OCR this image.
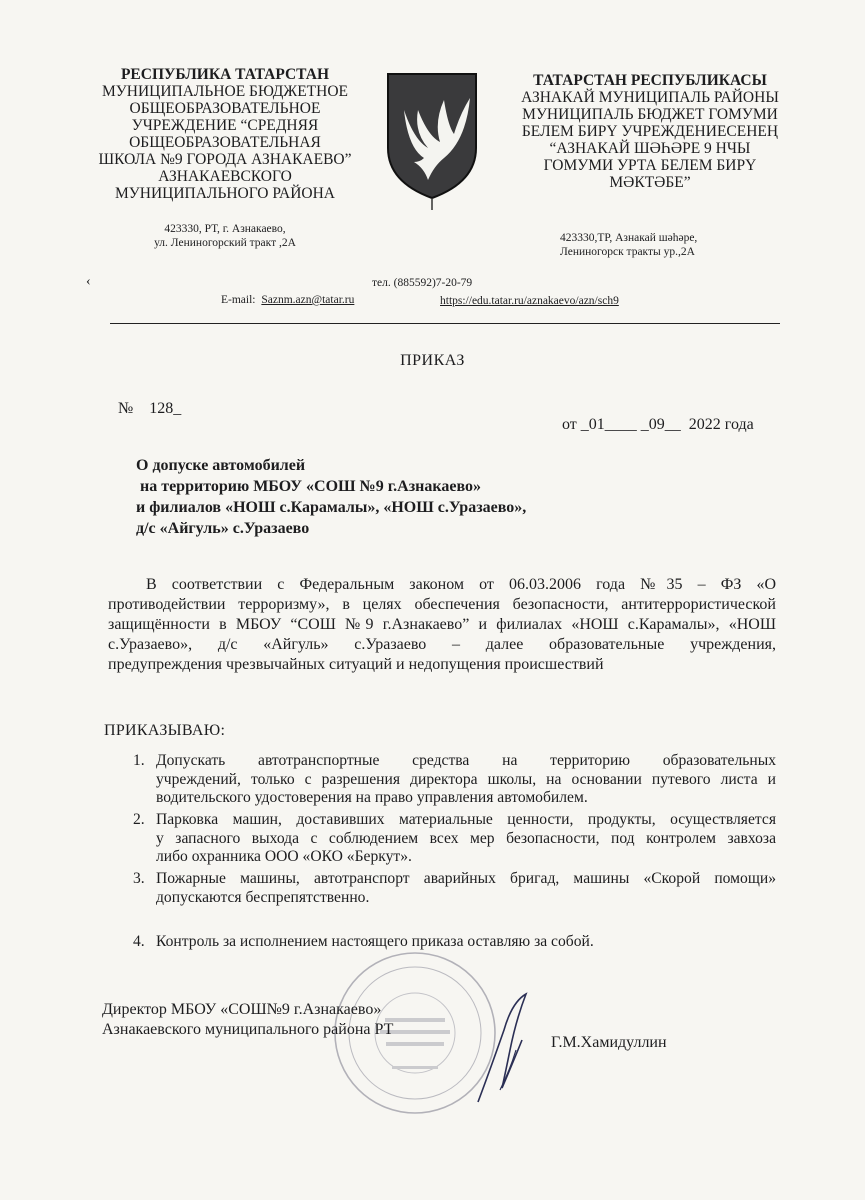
РЕСПУБЛИКА ТАТАРСТАН
МУНИЦИПАЛЬНОЕ БЮДЖЕТНОЕ
ОБЩЕОБРАЗОВАТЕЛЬНОЕ
УЧРЕЖДЕНИЕ “СРЕДНЯЯ
ОБЩЕОБРАЗОВАТЕЛЬНАЯ
ШКОЛА №9 ГОРОДА АЗНАКАЕВО”
АЗНАКАЕВСКОГО
МУНИЦИПАЛЬНОГО РАЙОНА
423330, РТ, г. Азнакаево,
ул. Лениногорский тракт ,2А
ТАТАРСТАН РЕСПУБЛИКАСЫ
АЗНАКАЙ МУНИЦИПАЛЬ РАЙОНЫ
МУНИЦИПАЛЬ БЮДЖЕТ ГОМУМИ
БЕЛЕМ БИРҮ УЧРЕЖДЕНИЕСЕНЕҢ
“АЗНАКАЙ ШӘҺӘРЕ 9 НЧЫ
ГОМУМИ УРТА БЕЛЕМ БИРҮ
МӘКТӘБЕ”
423330,ТР, Азнакай шәһәре,
Лениногорск тракты ур.,2А
‹	тел. (885592)7-20-79
E-mail: Saznm.azn@tatar.ru	https://edu.tatar.ru/aznakaevo/azn/sch9
ПРИКАЗ
№    128_
от _01____ _09__  2022 года
О допуске автомобилей
на территорию МБОУ «СОШ №9 г.Азнакаево»
и филиалов «НОШ с.Карамалы», «НОШ с.Уразаево»,
д/с «Айгуль» с.Уразаево
В соответствии с Федеральным законом от 06.03.2006 года №35 – ФЗ «О
противодействии терроризму», в целях обеспечения безопасности, антитеррористической
защищённости в МБОУ “СОШ №9 г.Азнакаево” и филиалах «НОШ с.Карамалы», «НОШ
с.Уразаево», д/с «Айгуль» с.Уразаево – далее образовательные учреждения,
предупреждения чрезвычайных ситуаций и недопущения происшествий
ПРИКАЗЫВАЮ:
1. Допускать автотранспортные средства на территорию образовательных
учреждений, только с разрешения директора школы, на основании путевого листа и
водительского удостоверения на право управления автомобилем.
2. Парковка машин, доставивших материальные ценности, продукты, осуществляется
у запасного выхода с соблюдением всех мер безопасности, под контролем завхоза
либо охранника ООО «ОКО «Беркут».
3. Пожарные машины, автотранспорт аварийных бригад, машины «Скорой помощи»
допускаются беспрепятственно.
4. Контроль за исполнением настоящего приказа оставляю за собой.
Директор МБОУ «СОШ№9 г.Азнакаево»
Азнакаевского муниципального района РТ
Г.М.Хамидуллин
